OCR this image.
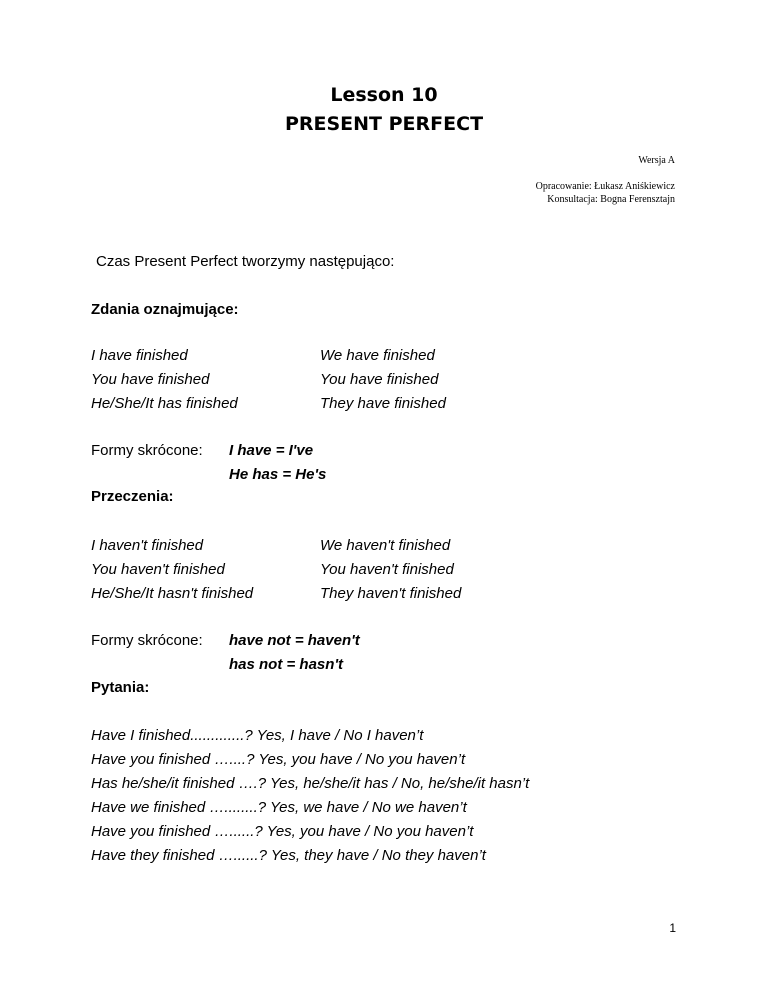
Lesson 10
PRESENT PERFECT
Wersja A
Opracowanie: Łukasz Aniśkiewicz
Konsultacja: Bogna Ferensztajn
Czas Present Perfect tworzymy następująco:
Zdania oznajmujące:
I have finished
You have finished
He/She/It has finished
We have finished
You have finished
They have finished
Formy skrócone: I have = I've
He has = He's
Przeczenia:
I haven't finished
You haven't finished
He/She/It hasn't finished
We haven't finished
You haven't finished
They haven't finished
Formy skrócone: have not = haven't
has not = hasn't
Pytania:
Have I finished.............? Yes, I have / No I haven’t
Have you finished …....? Yes, you have / No you haven’t
Has he/she/it finished ….? Yes, he/she/it has / No, he/she/it hasn’t
Have we finished …........? Yes, we have / No we haven’t
Have you finished …......? Yes, you have / No you haven’t
Have they finished …......? Yes, they have / No they haven’t
1
